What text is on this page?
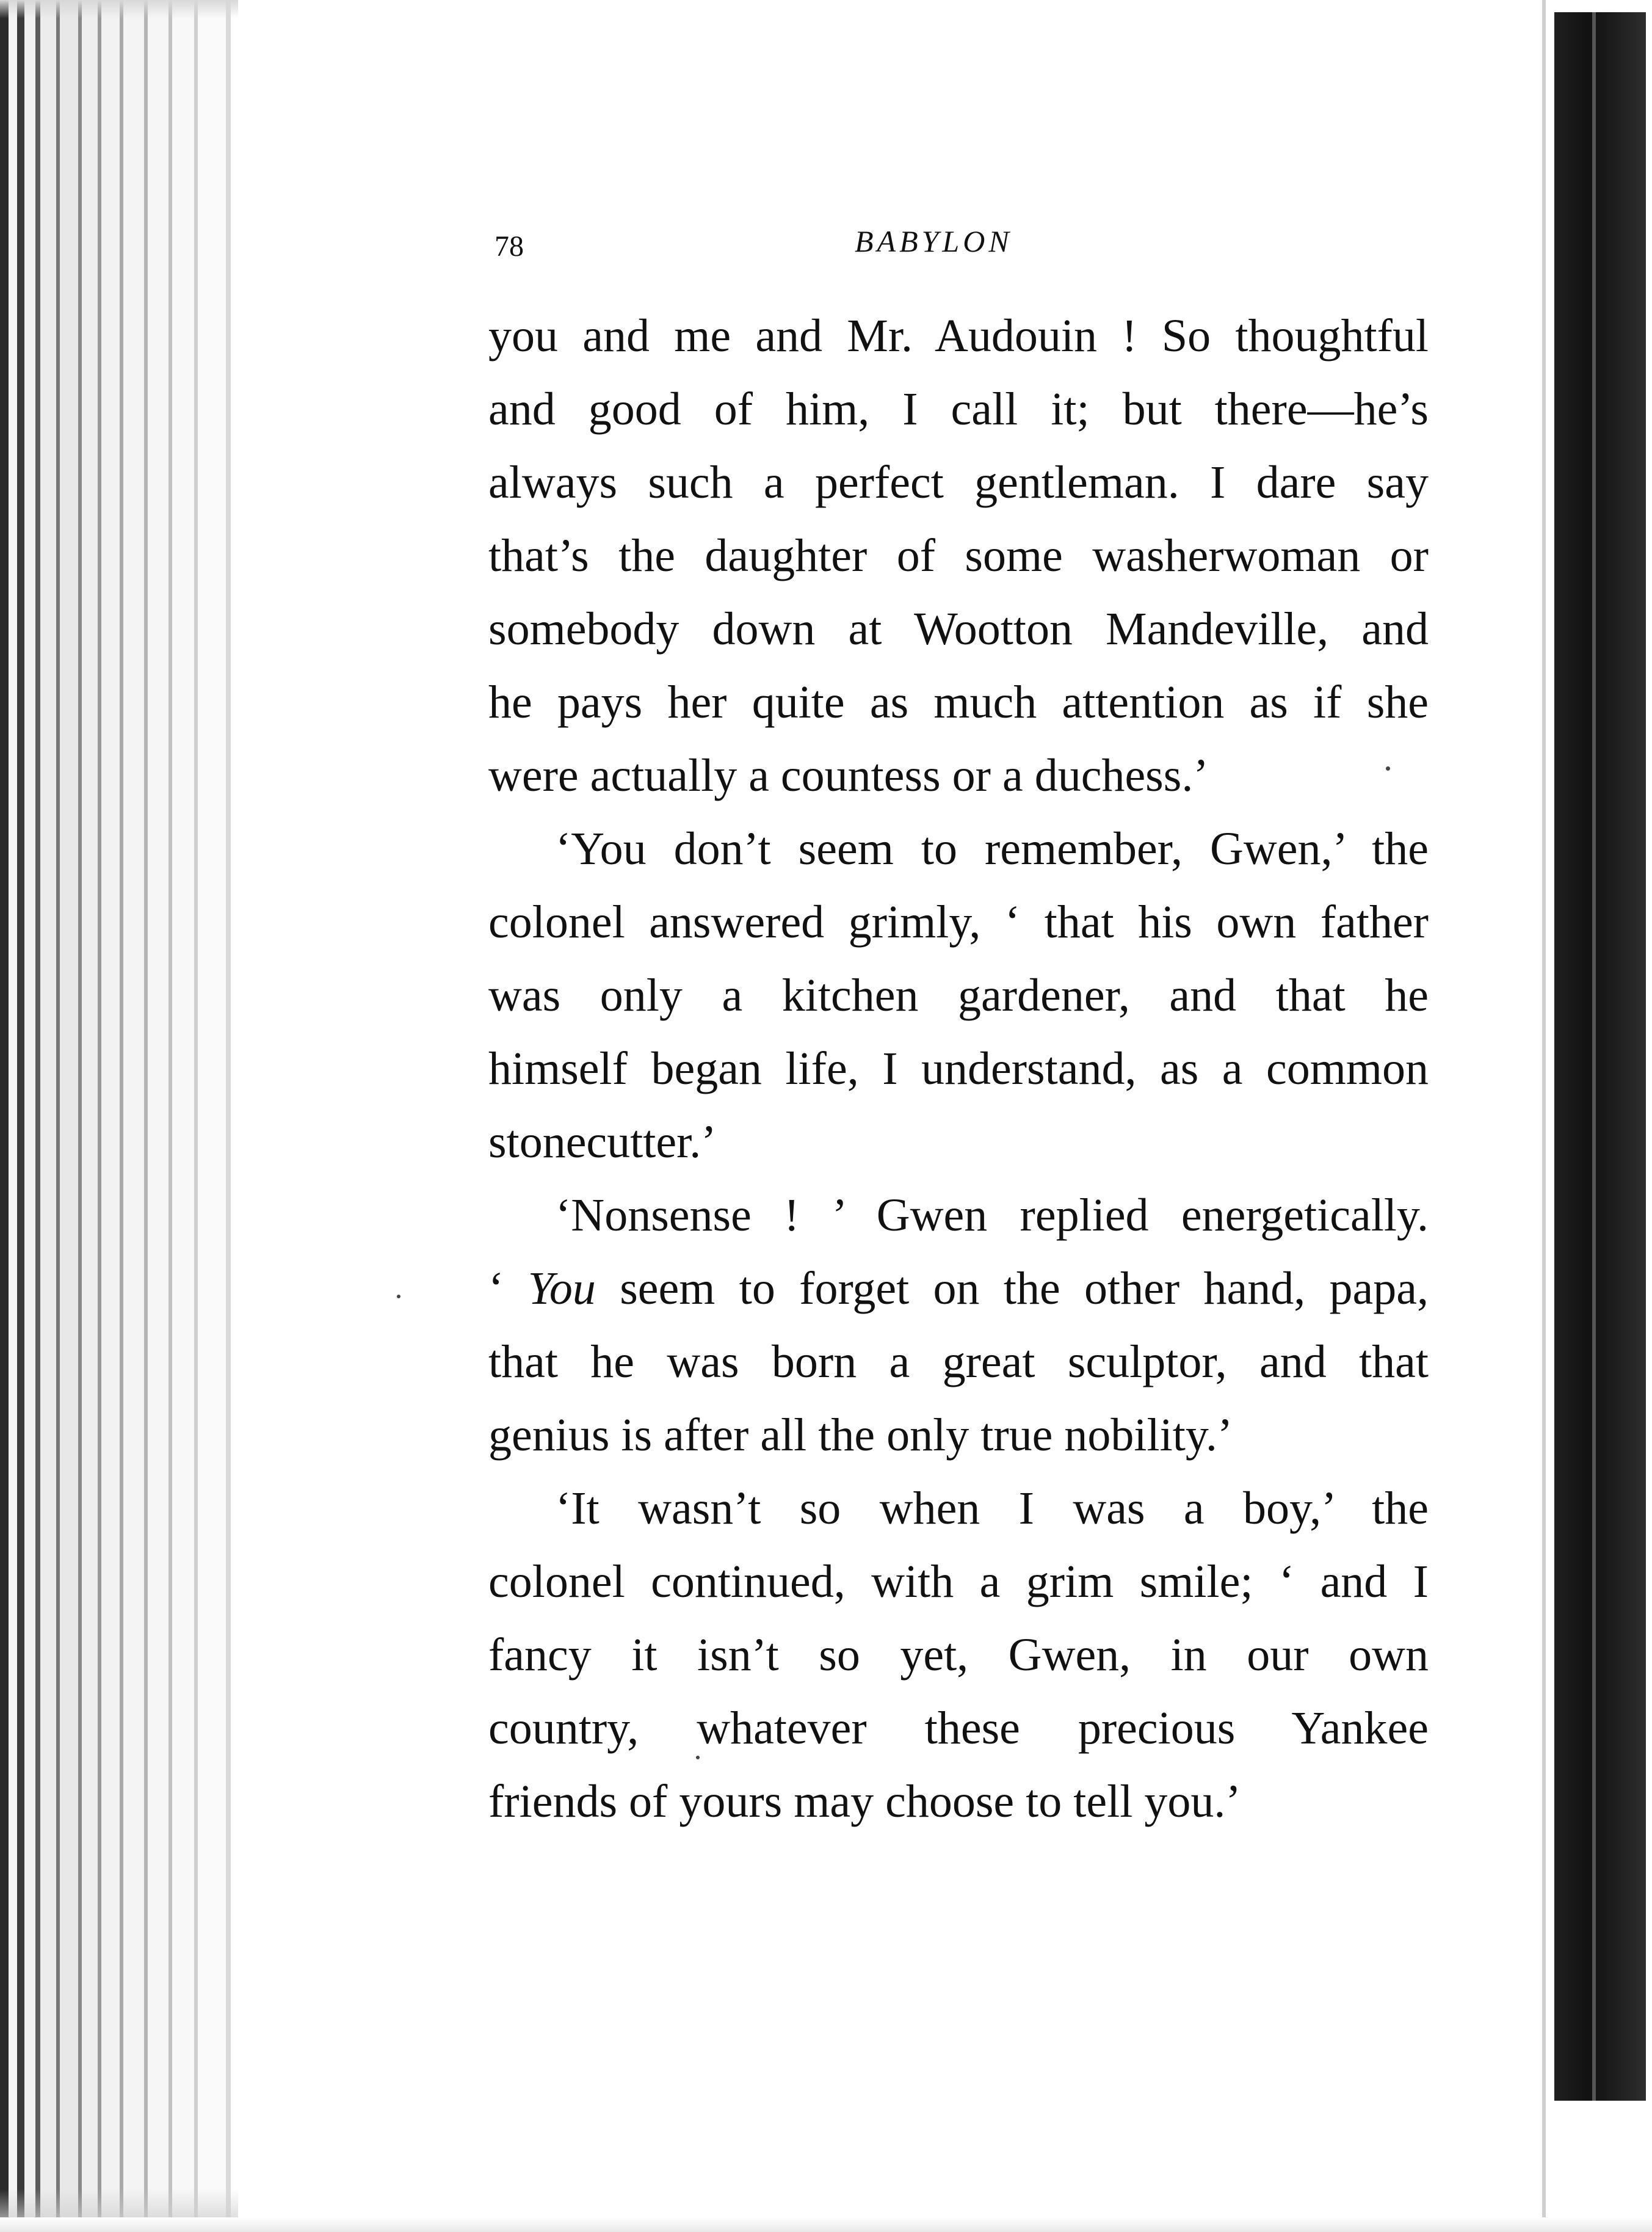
78	BABYLON
you and me and Mr. Audouin ! So thoughtful
and good of him, I call it; but there—he’s
always such a perfect gentleman. I dare say
that’s the daughter of some washerwoman or
somebody down at Wootton Mandeville, and
he pays her quite as much attention as if she
were actually a countess or a duchess.’
‘You don’t seem to remember, Gwen,’ the
colonel answered grimly, ‘ that his own father
was only a kitchen gardener, and that he
himself began life, I understand, as a common
stonecutter.’
‘Nonsense ! ’ Gwen replied energetically.
‘ You seem to forget on the other hand, papa,
that he was born a great sculptor, and that
genius is after all the only true nobility.’
‘It wasn’t so when I was a boy,’ the
colonel continued, with a grim smile; ‘ and I
fancy it isn’t so yet, Gwen, in our own
country, whatever these precious Yankee
friends of yours may choose to tell you.’
